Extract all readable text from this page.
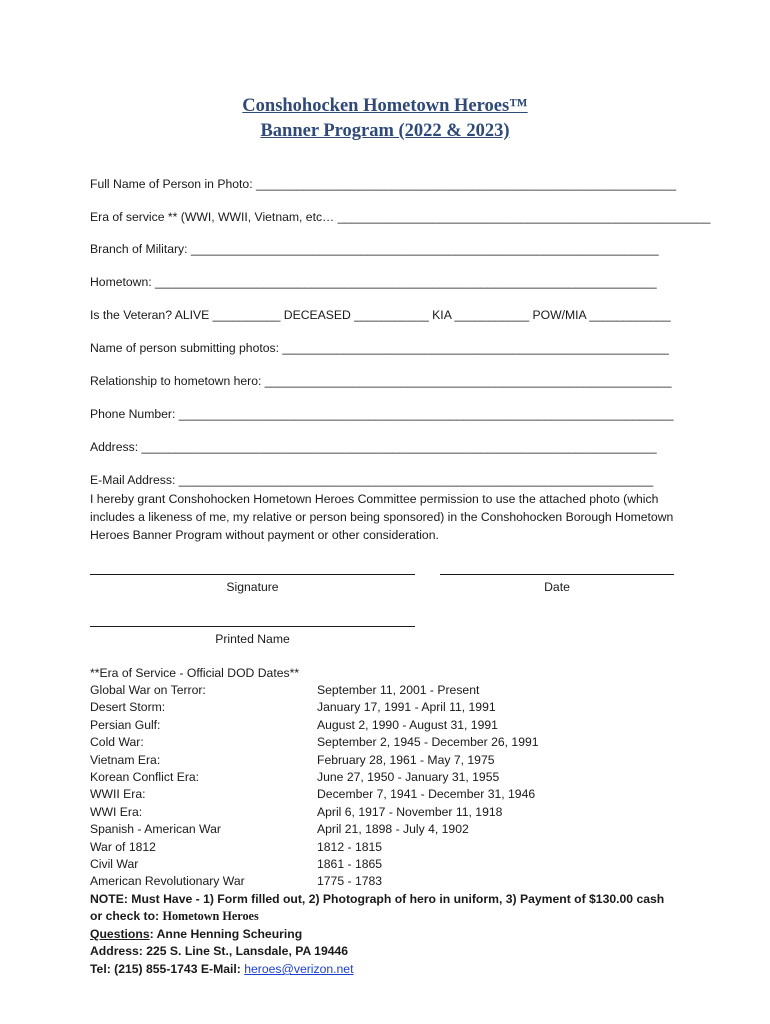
Conshohocken Hometown Heroes™
Banner Program (2022 & 2023)
Full Name of Person in Photo: ______________________________________________________________
Era of service ** (WWI, WWII, Vietnam, etc… _______________________________________________________
Branch of Military: _____________________________________________________________________
Hometown: __________________________________________________________________________
Is the Veteran? ALIVE __________ DECEASED ___________ KIA ___________ POW/MIA ____________
Name of person submitting photos: _________________________________________________________
Relationship to hometown hero: ____________________________________________________________
Phone Number: _________________________________________________________________________
Address: ____________________________________________________________________________
E-Mail Address: ______________________________________________________________________
I hereby grant Conshohocken Hometown Heroes Committee permission to use the attached photo (which includes a likeness of me, my relative or person being sponsored) in the Conshohocken Borough Hometown Heroes Banner Program without payment or other consideration.
Signature	Date
Printed Name
**Era of Service - Official DOD Dates**
Global War on Terror:	September 11, 2001 - Present
Desert Storm:	January 17, 1991 - April 11, 1991
Persian Gulf:	August 2, 1990 - August 31, 1991
Cold War:	September 2, 1945 - December 26, 1991
Vietnam Era:	February 28, 1961 - May 7, 1975
Korean Conflict Era:	June 27, 1950 - January 31, 1955
WWII Era:	December 7, 1941 - December 31, 1946
WWI Era:	April 6, 1917 - November 11, 1918
Spanish - American War	April 21, 1898 - July 4, 1902
War of 1812	1812 - 1815
Civil War	1861 - 1865
American Revolutionary War	1775 - 1783
NOTE: Must Have - 1) Form filled out, 2) Photograph of hero in uniform, 3) Payment of $130.00 cash
or check to: Hometown Heroes
Questions: Anne Henning Scheuring
Address: 225 S. Line St., Lansdale, PA 19446
Tel: (215) 855-1743 E-Mail: heroes@verizon.net
